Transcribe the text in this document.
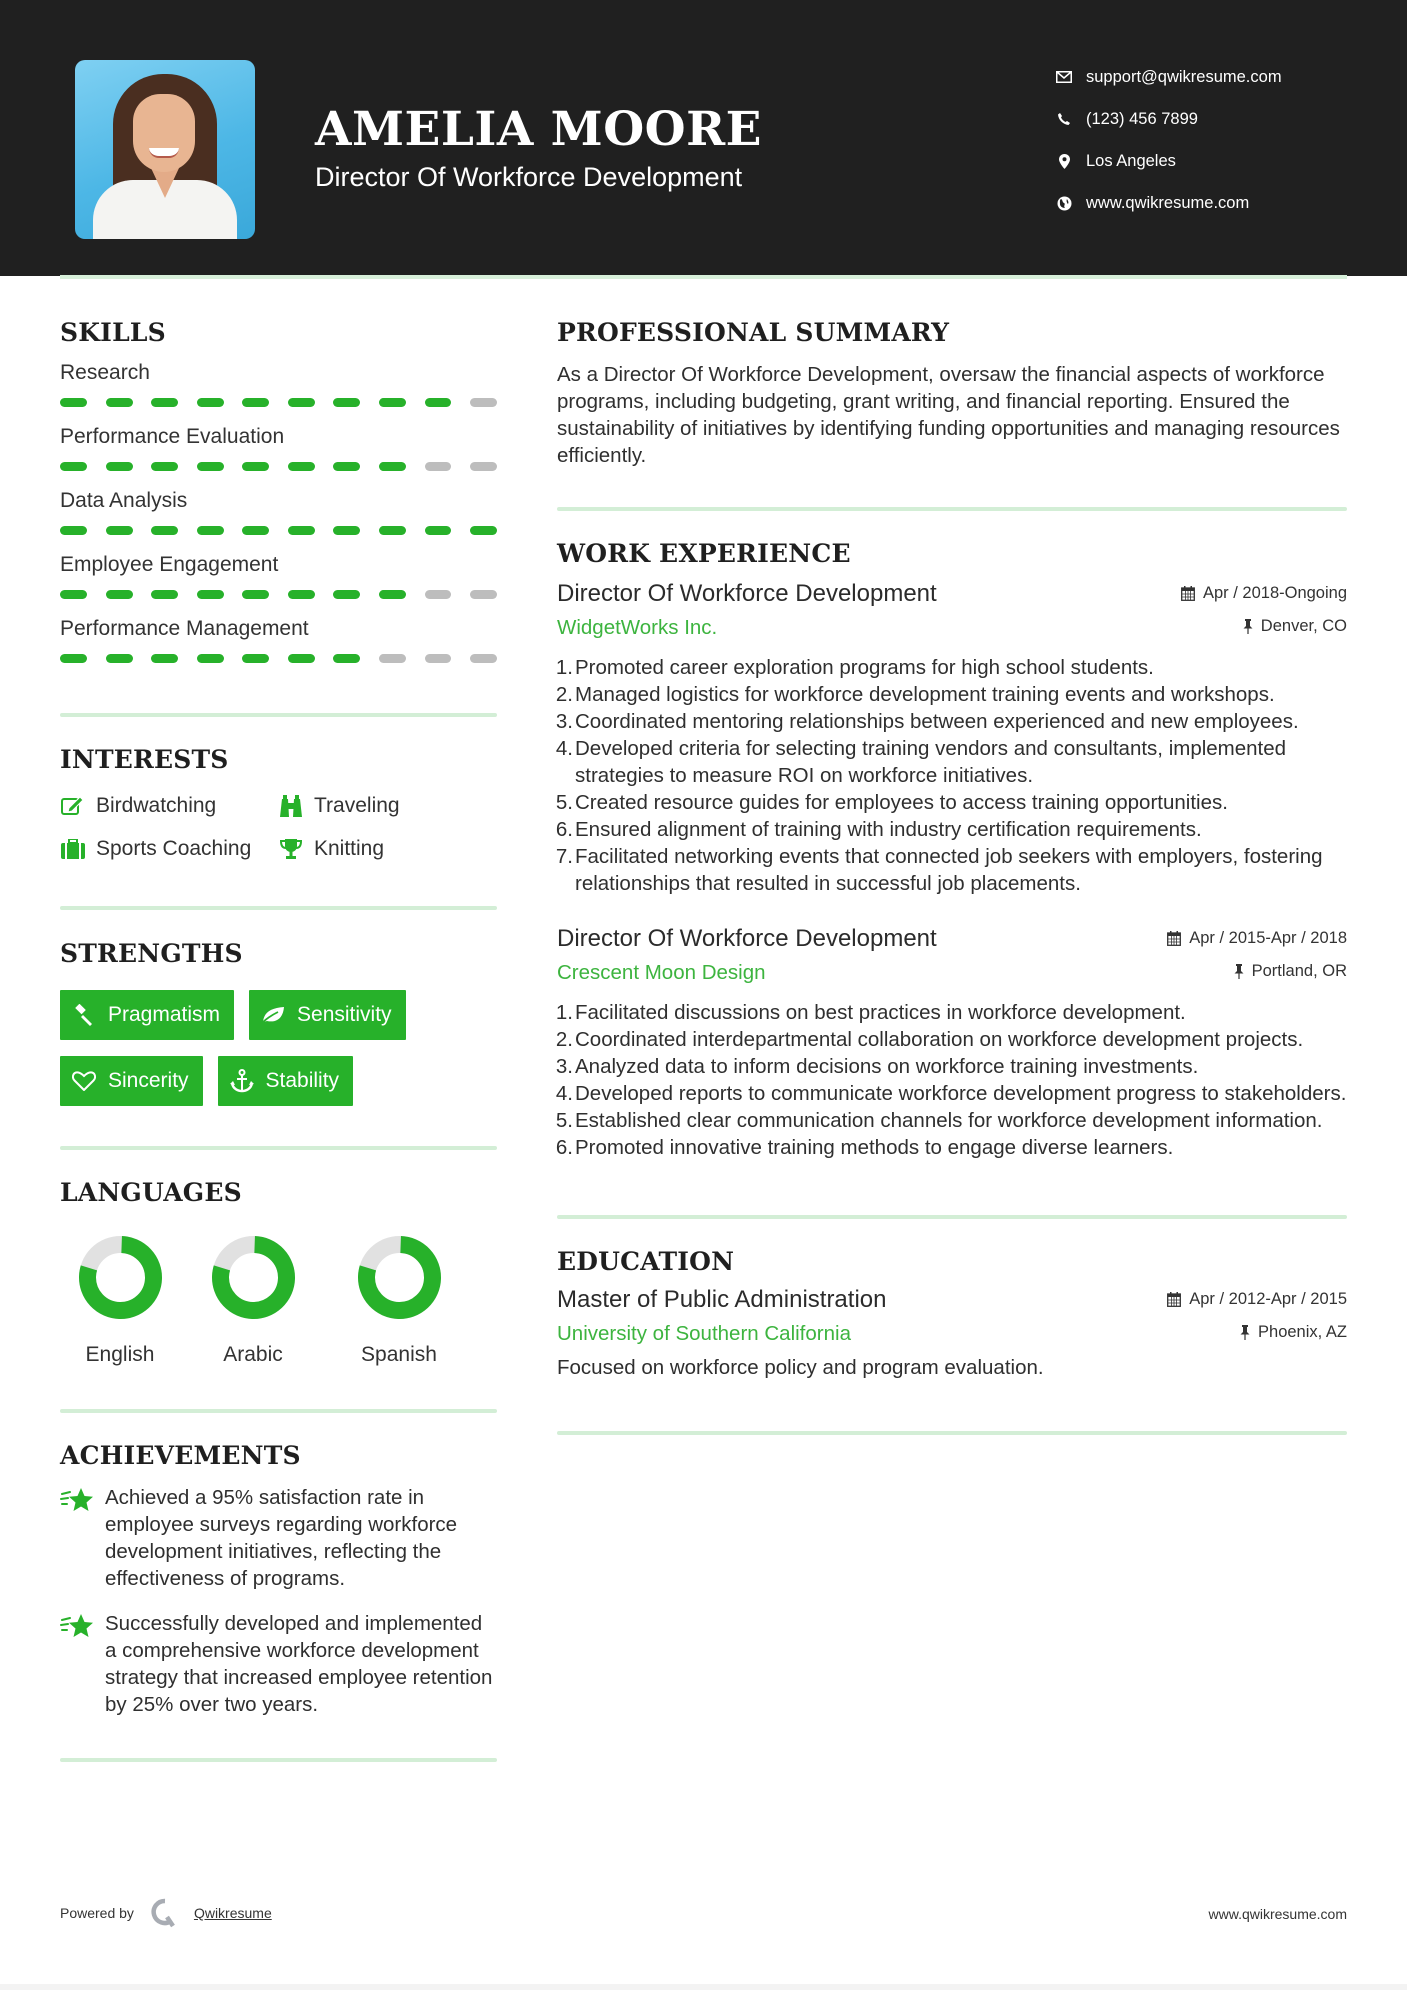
AMELIA MOORE
Director Of Workforce Development
support@qwikresume.com
(123) 456 7899
Los Angeles
www.qwikresume.com
SKILLS
Research
Performance Evaluation
Data Analysis
Employee Engagement
Performance Management
INTERESTS
Birdwatching	Traveling
Sports Coaching	Knitting
STRENGTHS
Pragmatism	Sensitivity
Sincerity	Stability
LANGUAGES
English	Arabic	Spanish
ACHIEVEMENTS
Achieved a 95% satisfaction rate in employee surveys regarding workforce development initiatives, reflecting the effectiveness of programs.
Successfully developed and implemented a comprehensive workforce development strategy that increased employee retention by 25% over two years.
PROFESSIONAL SUMMARY

As a Director Of Workforce Development, oversaw the financial aspects of workforce programs, including budgeting, grant writing, and financial reporting. Ensured the sustainability of initiatives by identifying funding opportunities and managing resources efficiently.

WORK EXPERIENCE
Director Of Workforce Development	Apr / 2018-Ongoing
WidgetWorks Inc.	Denver, CO
1. Promoted career exploration programs for high school students.
2. Managed logistics for workforce development training events and workshops.
3. Coordinated mentoring relationships between experienced and new employees.
4. Developed criteria for selecting training vendors and consultants, implemented strategies to measure ROI on workforce initiatives.
5. Created resource guides for employees to access training opportunities.
6. Ensured alignment of training with industry certification requirements.
7. Facilitated networking events that connected job seekers with employers, fostering relationships that resulted in successful job placements.
Director Of Workforce Development	Apr / 2015-Apr / 2018
Crescent Moon Design	Portland, OR
1. Facilitated discussions on best practices in workforce development.
2. Coordinated interdepartmental collaboration on workforce development projects.
3. Analyzed data to inform decisions on workforce training investments.
4. Developed reports to communicate workforce development progress to stakeholders.
5. Established clear communication channels for workforce development information.
6. Promoted innovative training methods to engage diverse learners.
EDUCATION
Master of Public Administration	Apr / 2012-Apr / 2015
University of Southern California	Phoenix, AZ

Focused on workforce policy and program evaluation.

Powered by	Qwikresume	www.qwikresume.com
